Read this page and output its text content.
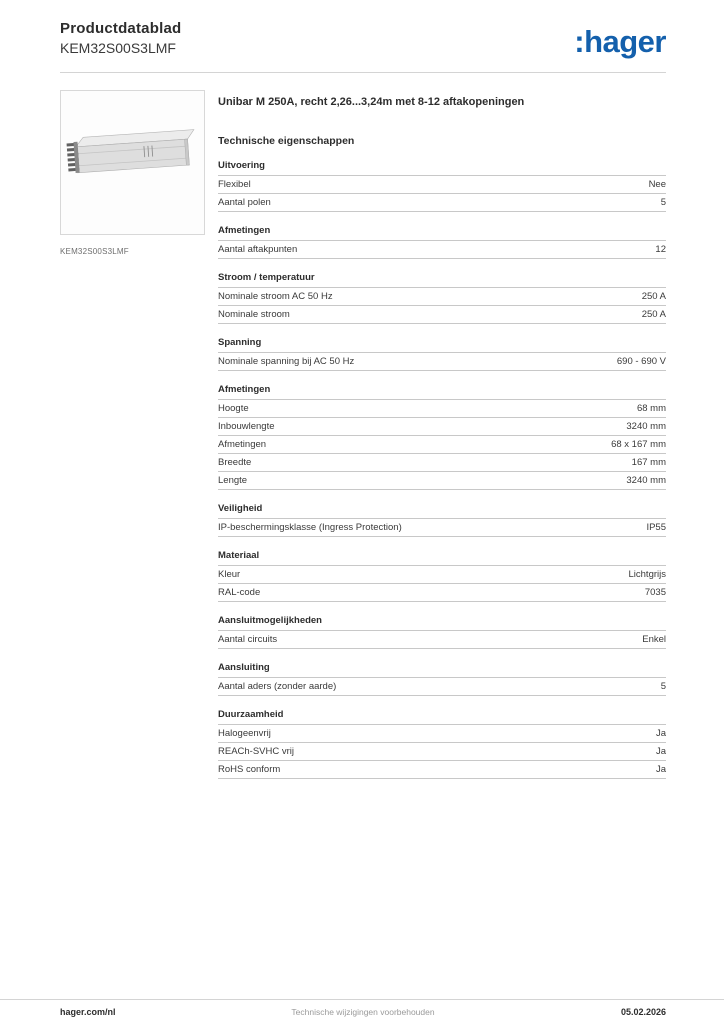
Productdatablad
KEM32S00S3LMF	:hager
KEM32S00S3LMF
Unibar M 250A, recht 2,26...3,24m met 8-12 aftakopeningen
Technische eigenschappen
Uitvoering
Flexibel	Nee
Aantal polen	5
Afmetingen
Aantal aftakpunten	12
Stroom / temperatuur
Nominale stroom AC 50 Hz	250 A
Nominale stroom	250 A
Spanning
Nominale spanning bij AC 50 Hz	690 - 690 V
Afmetingen
Hoogte	68 mm
Inbouwlengte	3240 mm
Afmetingen	68 x 167 mm
Breedte	167 mm
Lengte	3240 mm
Veiligheid
IP-beschermingsklasse (Ingress Protection)	IP55
Materiaal
Kleur	Lichtgrijs
RAL-code	7035
Aansluitmogelijkheden
Aantal circuits	Enkel
Aansluiting
Aantal aders (zonder aarde)	5
Duurzaamheid
Halogeenvrij	Ja
REACh-SVHC vrij	Ja
RoHS conform	Ja
hager.com/nl	Technische wijzigingen voorbehouden	05.02.2026
